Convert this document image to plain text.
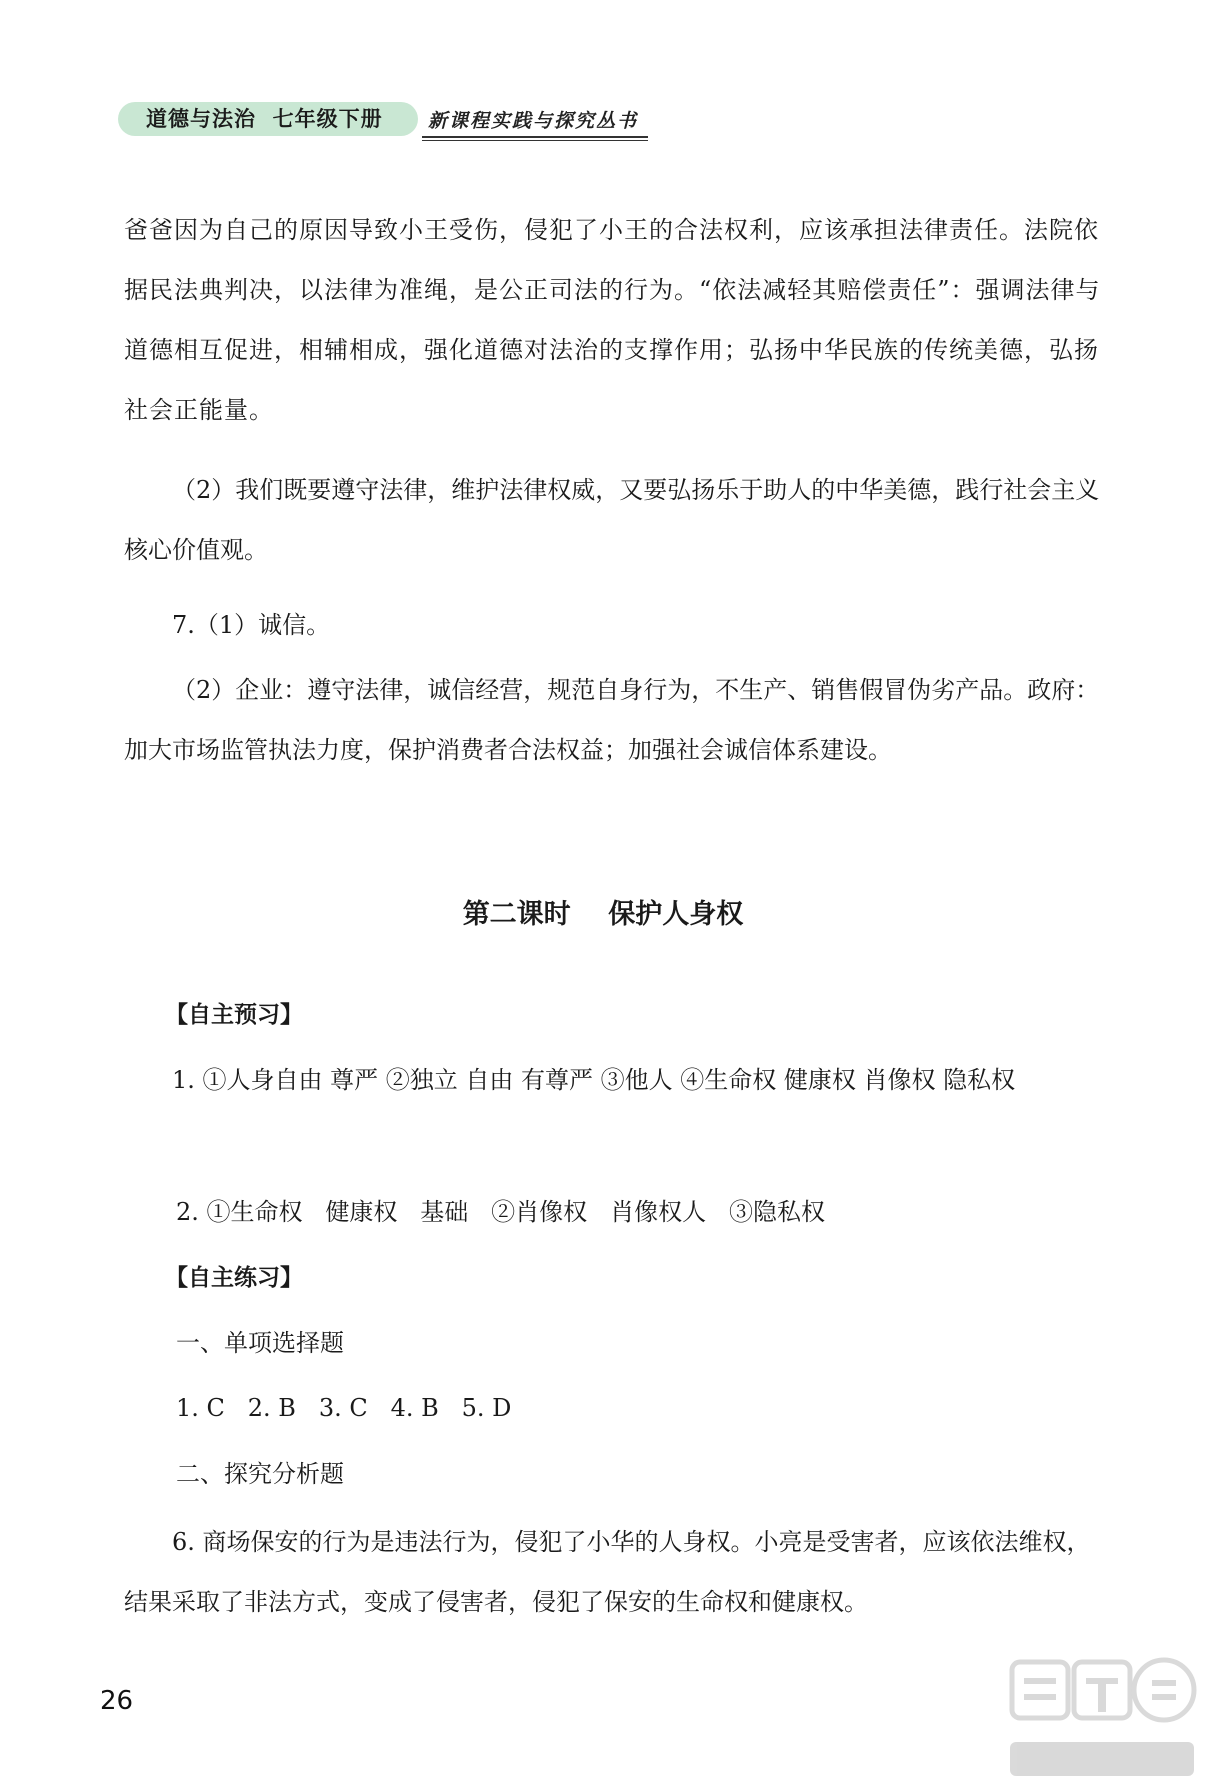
道德与法治  七年级下册 新课程实践与探究丛书

爸爸因为自己的原因导致小王受伤，侵犯了小王的合法权利，应该承担法律责任。法院依据民法典判决，以法律为准绳，是公正司法的行为。“依法减轻其赔偿责任”：强调法律与道德相互促进，相辅相成，强化道德对法治的支撑作用；弘扬中华民族的传统美德，弘扬社会正能量。

（2）我们既要遵守法律，维护法律权威，又要弘扬乐于助人的中华美德，践行社会主义核心价值观。

7.（1）诚信。

（2）企业：遵守法律，诚信经营，规范自身行为，不生产、销售假冒伪劣产品。政府：加大市场监管执法力度，保护消费者合法权益；加强社会诚信体系建设。

第二课时    保护人身权
【自主预习】

1. ①人身自由 尊严 ②独立 自由 有尊严 ③他人 ④生命权 健康权 肖像权 隐私权

2. ①生命权   健康权   基础   ②肖像权   肖像权人   ③隐私权

【自主练习】

一、单项选择题

1. C   2. B   3. C   4. B   5. D

二、探究分析题

6. 商场保安的行为是违法行为，侵犯了小华的人身权。小亮是受害者，应该依法维权，结果采取了非法方式，变成了侵害者，侵犯了保安的生命权和健康权。

26
